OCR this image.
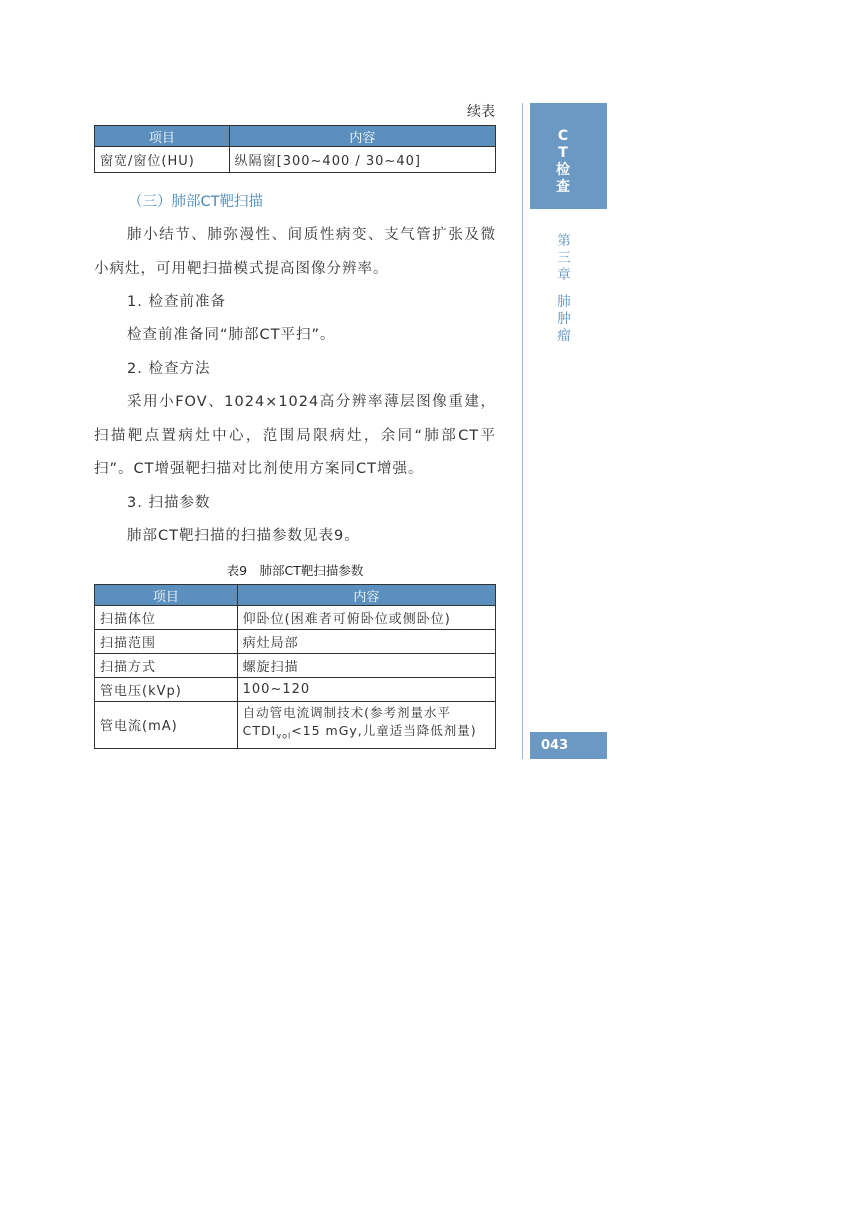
续表
项目	内容
窗宽/窗位(HU)	纵隔窗[300~400 / 30~40]
（三）肺部CT靶扫描

肺小结节、肺弥漫性、间质性病变、支气管扩张及微小病灶，可用靶扫描模式提高图像分辨率。

1. 检查前准备

检查前准备同“肺部CT平扫”。

2. 检查方法

采用小FOV、1024×1024高分辨率薄层图像重建，扫描靶点置病灶中心，范围局限病灶，余同“肺部CT平扫”。CT增强靶扫描对比剂使用方案同CT增强。

3. 扫描参数

肺部CT靶扫描的扫描参数见表9。

表9　肺部CT靶扫描参数
项目	内容
扫描体位	仰卧位(困难者可俯卧位或侧卧位)
扫描范围	病灶局部
扫描方式	螺旋扫描
管电压(kVp)	100~120
管电流(mA)	自动管电流调制技术(参考剂量水平
$CTDI_{vol}<15$ mGy,儿童适当降低剂量)
C
T
检
查
第
三
章
肺
肿
瘤
043
